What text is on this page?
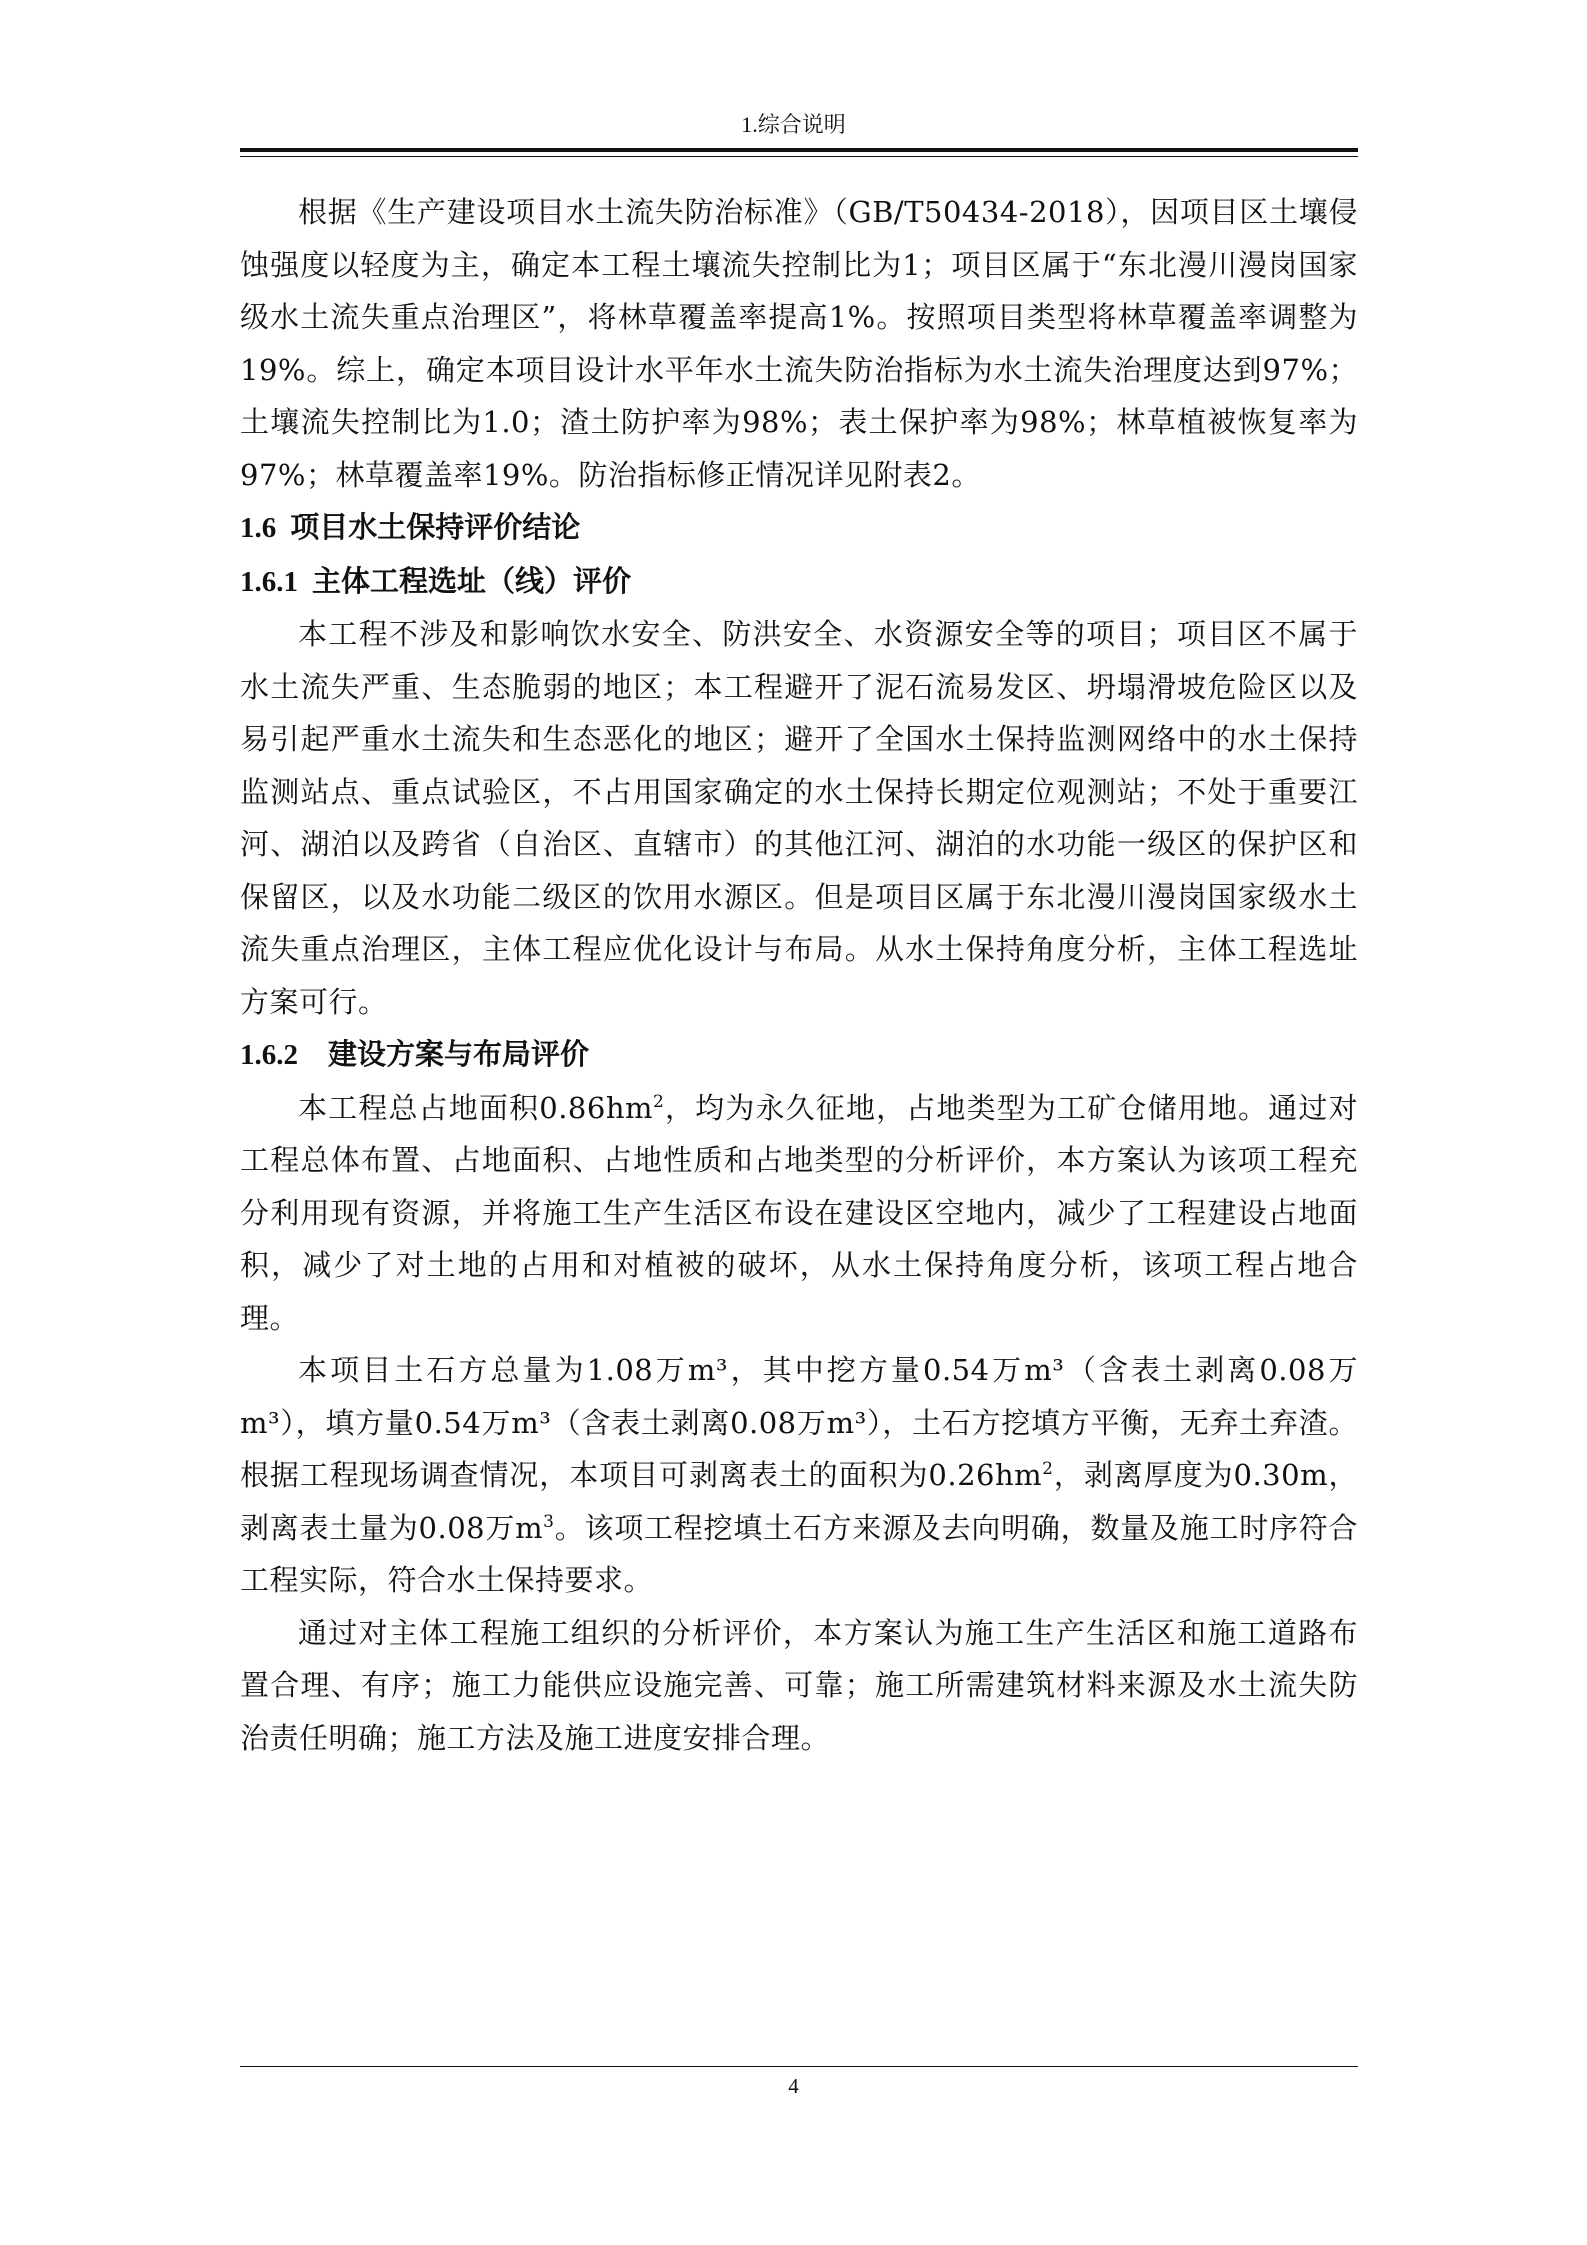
1.综合说明

根据《生产建设项目水土流失防治标准》（GB/T50434-2018），因项目区土壤侵蚀强度以轻度为主，确定本工程土壤流失控制比为1；项目区属于“东北漫川漫岗国家级水土流失重点治理区”，将林草覆盖率提高1%。按照项目类型将林草覆盖率调整为19%。综上，确定本项目设计水平年水土流失防治指标为水土流失治理度达到97%；土壤流失控制比为1.0；渣土防护率为98%；表土保护率为98%；林草植被恢复率为97%；林草覆盖率19%。防治指标修正情况详见附表2。

1.6 项目水土保持评价结论

1.6.1 主体工程选址（线）评价

本工程不涉及和影响饮水安全、防洪安全、水资源安全等的项目；项目区不属于水土流失严重、生态脆弱的地区；本工程避开了泥石流易发区、坍塌滑坡危险区以及易引起严重水土流失和生态恶化的地区；避开了全国水土保持监测网络中的水土保持监测站点、重点试验区，不占用国家确定的水土保持长期定位观测站；不处于重要江河、湖泊以及跨省（自治区、直辖市）的其他江河、湖泊的水功能一级区的保护区和保留区，以及水功能二级区的饮用水源区。但是项目区属于东北漫川漫岗国家级水土流失重点治理区，主体工程应优化设计与布局。从水土保持角度分析，主体工程选址方案可行。

1.6.2 建设方案与布局评价

本工程总占地面积$0.86hm^2$，均为永久征地，占地类型为工矿仓储用地。通过对工程总体布置、占地面积、占地性质和占地类型的分析评价，本方案认为该项工程充分利用现有资源，并将施工生产生活区布设在建设区空地内，减少了工程建设占地面积，减少了对土地的占用和对植被的破坏，从水土保持角度分析，该项工程占地合理。

本项目土石方总量为1.08万m³，其中挖方量0.54万m³（含表土剥离0.08万m³），填方量0.54万m³（含表土剥离0.08万m³），土石方挖填方平衡，无弃土弃渣。根据工程现场调查情况，本项目可剥离表土的面积为$0.26hm^2$，剥离厚度为0.30m，剥离表土量为0.08万$m^3$。该项工程挖填土石方来源及去向明确，数量及施工时序符合工程实际，符合水土保持要求。

通过对主体工程施工组织的分析评价，本方案认为施工生产生活区和施工道路布置合理、有序；施工力能供应设施完善、可靠；施工所需建筑材料来源及水土流失防治责任明确；施工方法及施工进度安排合理。

4
